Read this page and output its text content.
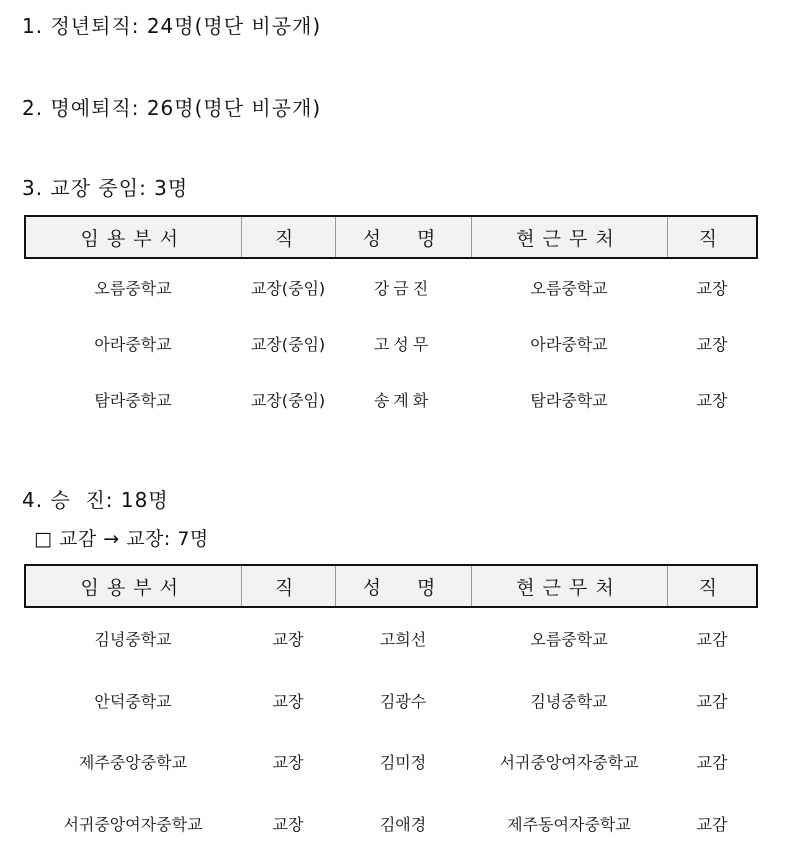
1. 정년퇴직: 24명(명단 비공개)
2. 명예퇴직: 26명(명단 비공개)
3. 교장 중임: 3명
임용부서	직	성  명	현근무처	직
오름중학교	교장(중임)	강금진	오름중학교	교장
아라중학교	교장(중임)	고성무	아라중학교	교장
탐라중학교	교장(중임)	송계화	탐라중학교	교장
4. 승  진: 18명
□ 교감 → 교장: 7명
임용부서	직	성  명	현근무처	직
김녕중학교	교장	고희선	오름중학교	교감
안덕중학교	교장	김광수	김녕중학교	교감
제주중앙중학교	교장	김미정	서귀중앙여자중학교	교감
서귀중앙여자중학교	교장	김애경	제주동여자중학교	교감
